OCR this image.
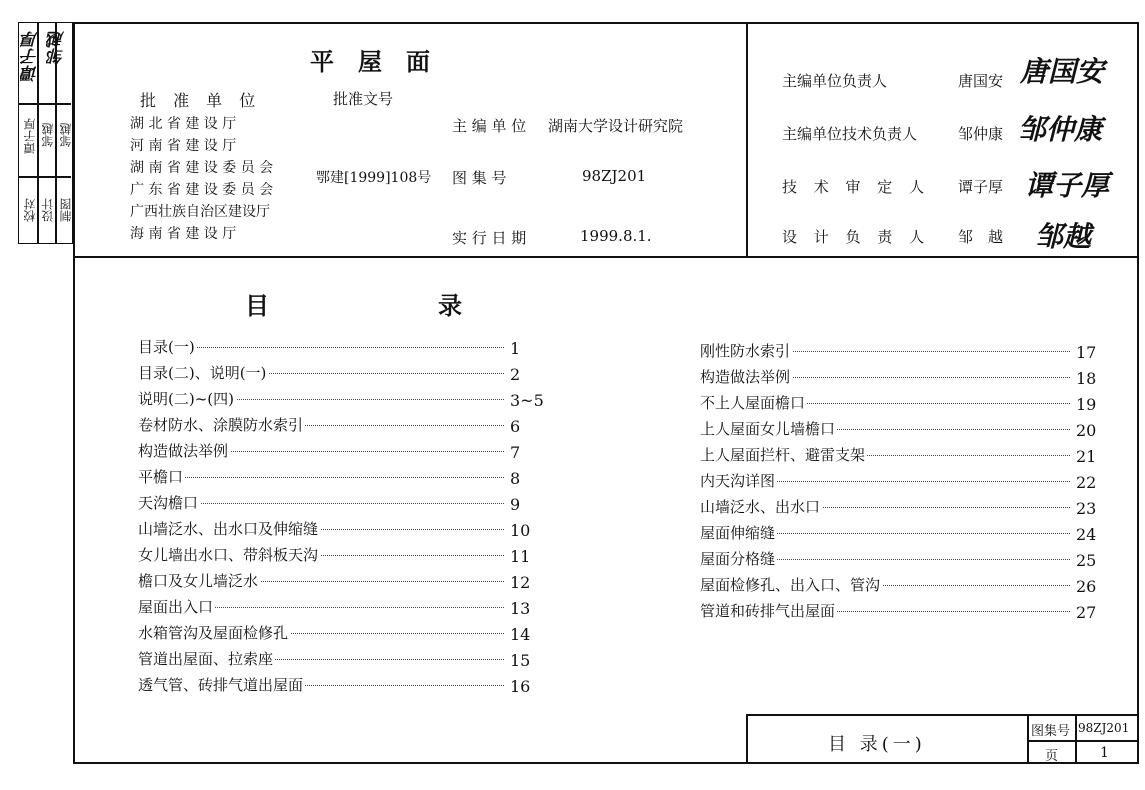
校对 设计 制图
谭子厚 邹越 邹越
谭子厚 邹越	平　屋　面
批 准 单 位	批准文号
湖 北 省 建 设 厅
河 南 省 建 设 厅
湖 南 省 建 设 委 员 会
广 东 省 建 设 委 员 会
广西壮族自治区建设厅
海 南 省 建 设 厅
鄂建[1999]108号
主 编 单 位 湖南大学设计研究院
图 集 号	98ZJ201
实 行 日 期	1999.8.1.
主编单位负责人	唐国安 唐国安
主编单位技术负责人	邹仲康 邹仲康
技 术 审 定 人 谭子厚 谭子厚
设 计 负 责 人 邹　越 邹越
目	录
目录(一)	1
目录(二)、说明(一)	2
说明(二)~(四)	3~5
卷材防水、涂膜防水索引	6
构造做法举例	7
平檐口	8
天沟檐口	9
山墙泛水、出水口及伸缩缝	10
女儿墙出水口、带斜板天沟	11
檐口及女儿墙泛水	12
屋面出入口	13
水箱管沟及屋面检修孔	14
管道出屋面、拉索座	15
透气管、砖排气道出屋面	16
刚性防水索引	17
构造做法举例	18
不上人屋面檐口	19
上人屋面女儿墙檐口	20
上人屋面拦杆、避雷支架	21
内天沟详图	22
山墙泛水、出水口	23
屋面伸缩缝	24
屋面分格缝	25
屋面检修孔、出入口、管沟	26
管道和砖排气出屋面	27
目 录(一)
图集号 98ZJ201
页	1
